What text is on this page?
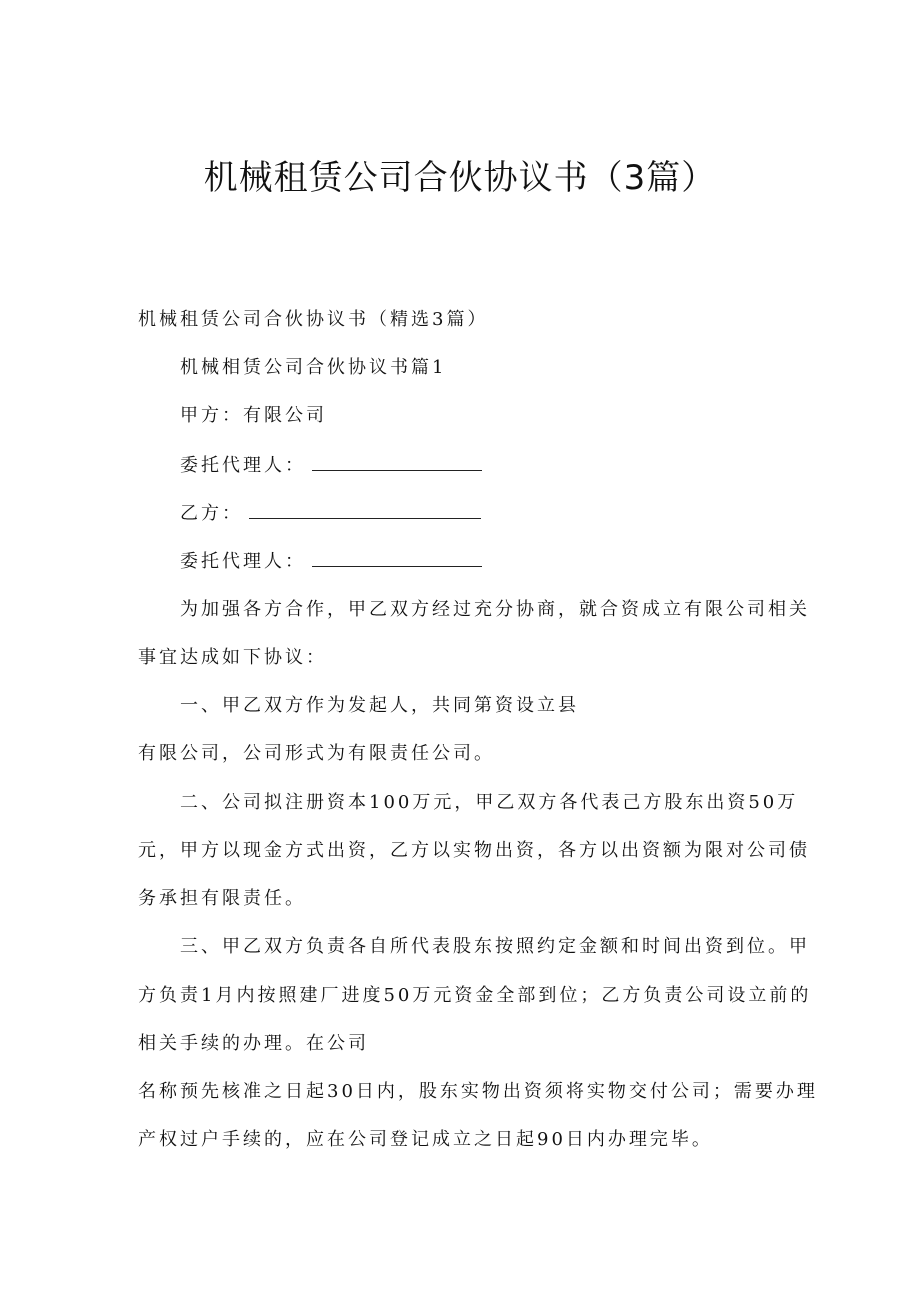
机械租赁公司合伙协议书（3篇）
机械租赁公司合伙协议书（精选3篇）
机械相赁公司合伙协议书篇1
甲方：有限公司
委托代理人：
乙方：
委托代理人：
为加强各方合作，甲乙双方经过充分协商，就合资成立有限公司相关
事宜达成如下协议：
一、甲乙双方作为发起人，共同第资设立县
有限公司，公司形式为有限责任公司。
二、公司拟注册资本100万元，甲乙双方各代表己方股东出资50万
元，甲方以现金方式出资，乙方以实物出资，各方以出资额为限对公司债
务承担有限责任。
三、甲乙双方负责各自所代表股东按照约定金额和时间出资到位。甲
方负责1月内按照建厂进度50万元资金全部到位；乙方负责公司设立前的
相关手续的办理。在公司
名称预先核准之日起30日内，股东实物出资须将实物交付公司；需要办理
产权过户手续的，应在公司登记成立之日起90日内办理完毕。
